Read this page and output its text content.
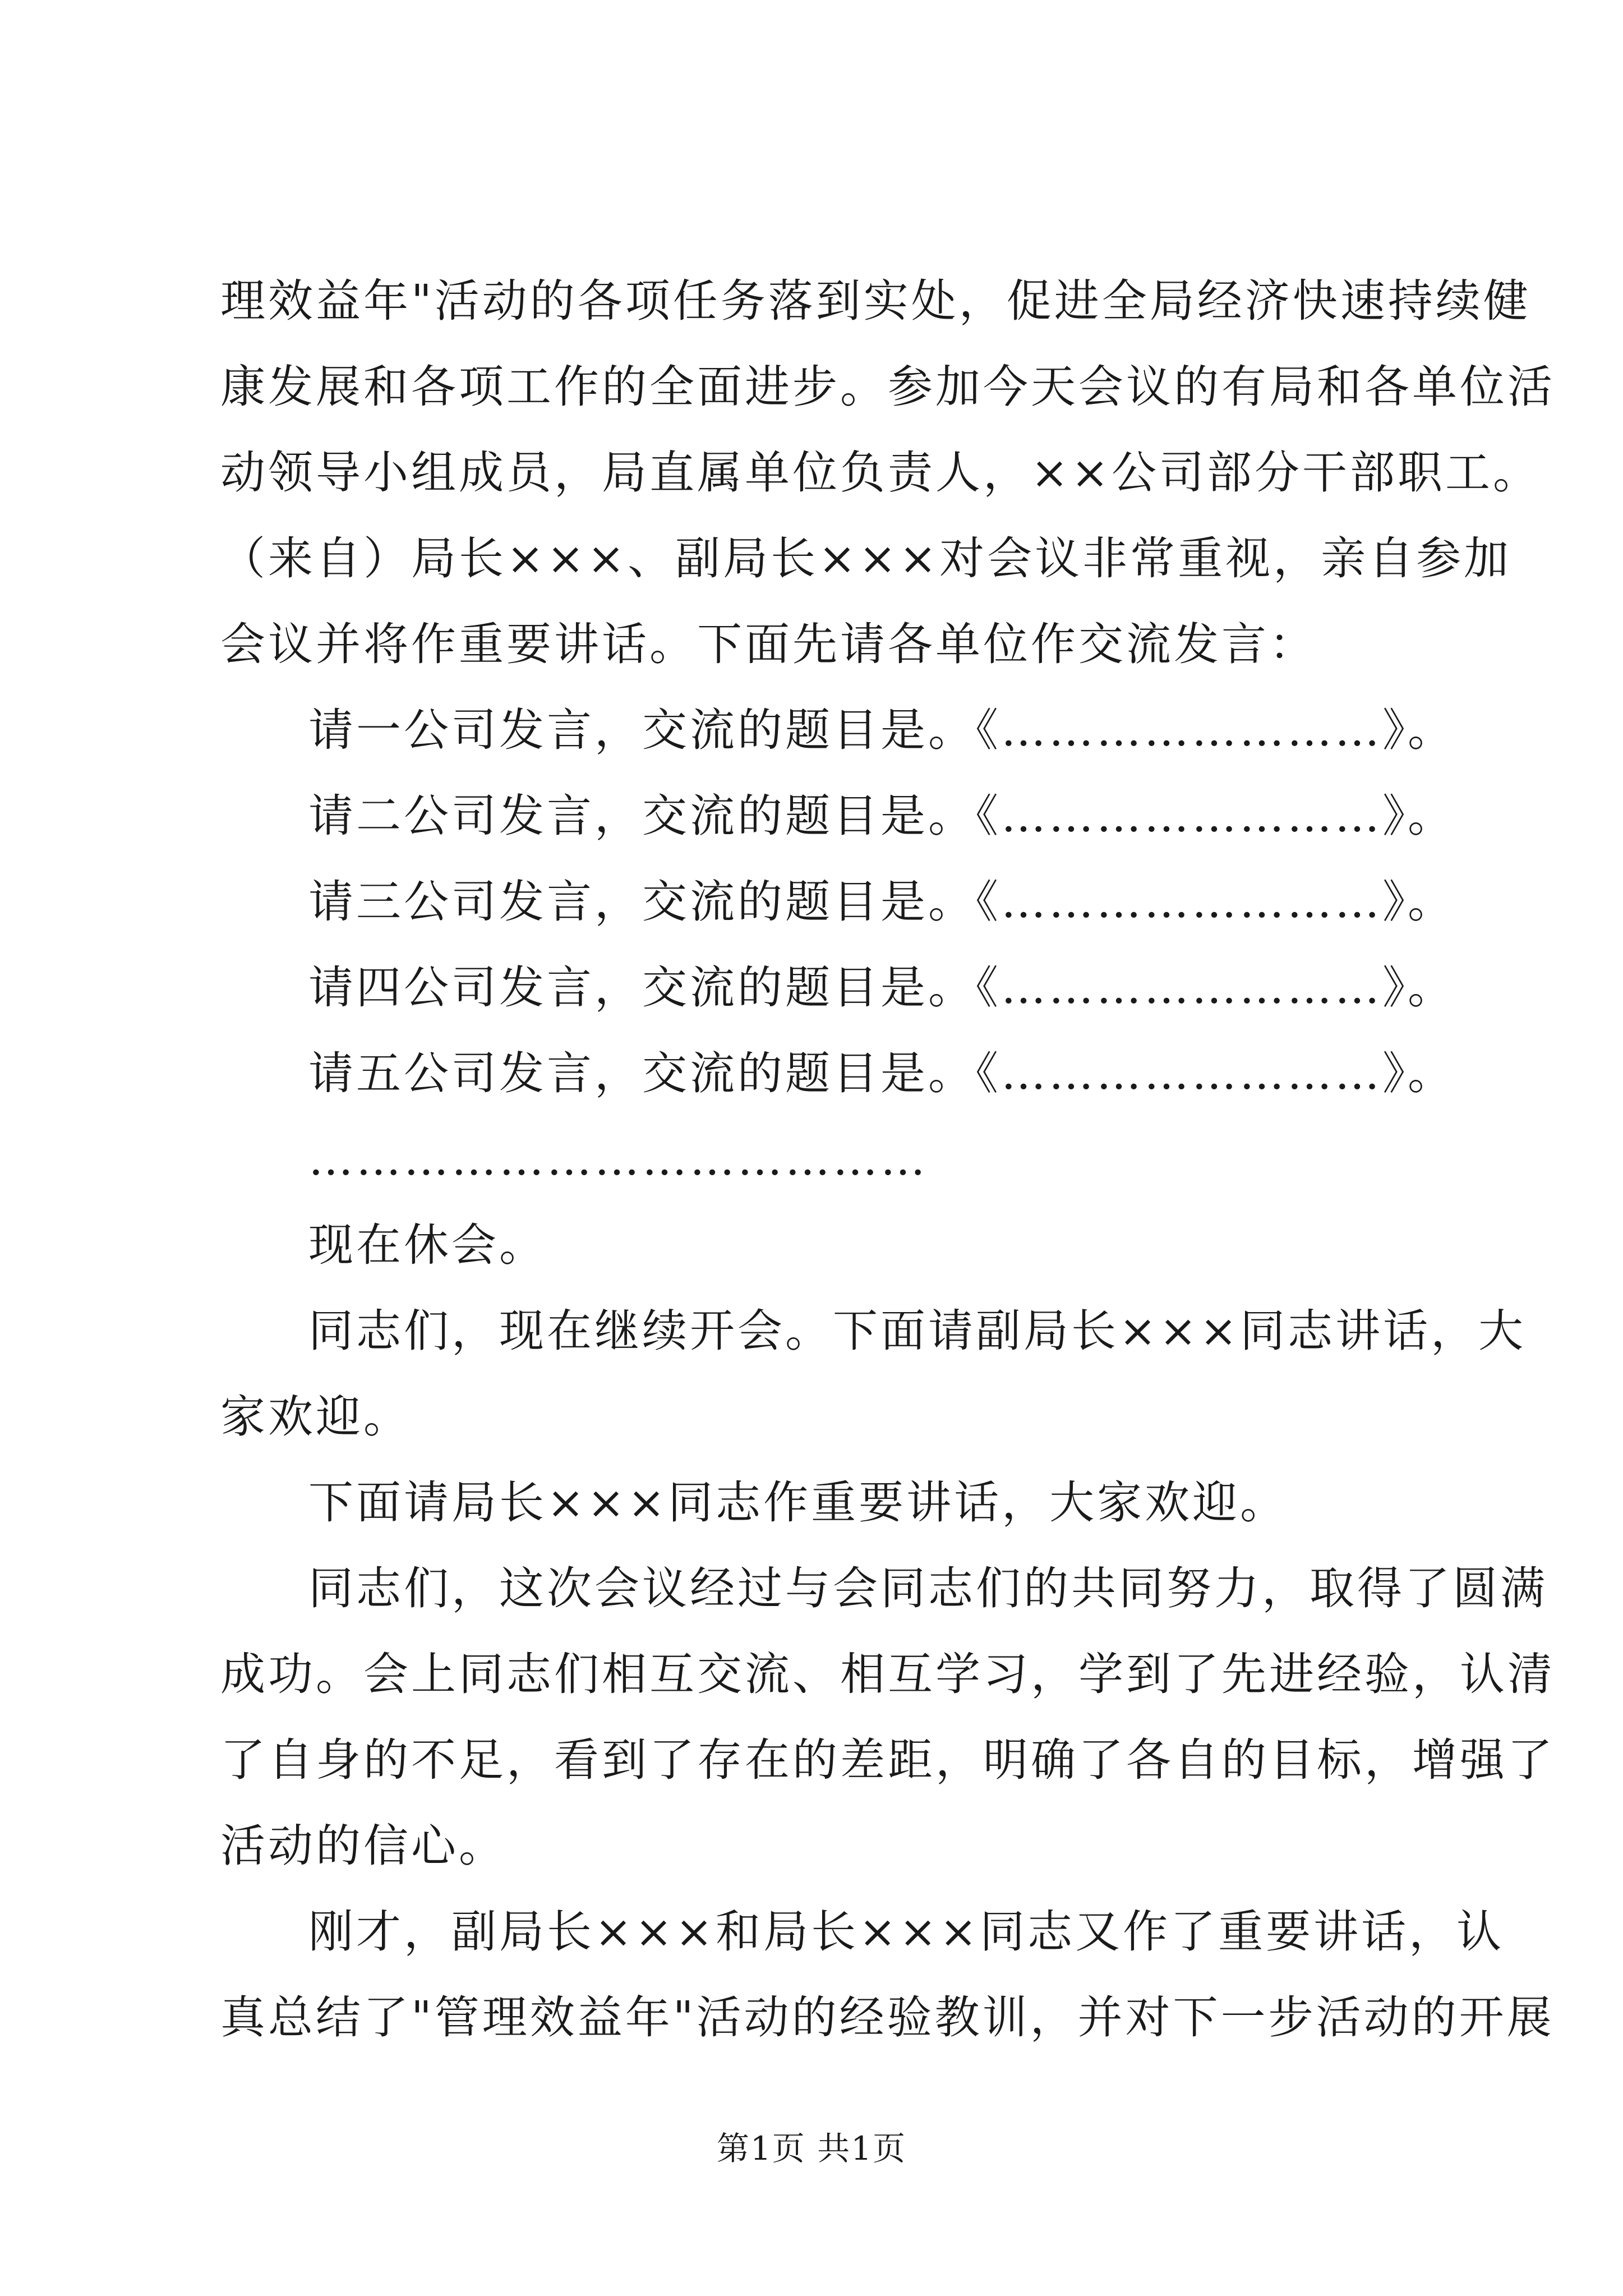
理效益年"活动的各项任务落到实处，促进全局经济快速持续健
康发展和各项工作的全面进步。参加今天会议的有局和各单位活
动领导小组成员，局直属单位负责人，××公司部分干部职工。
（来自）局长×××、副局长×××对会议非常重视，亲自参加
会议并将作重要讲话。下面先请各单位作交流发言：
请一公司发言，交流的题目是。《……………………》。
请二公司发言，交流的题目是。《……………………》。
请三公司发言，交流的题目是。《……………………》。
请四公司发言，交流的题目是。《……………………》。
请五公司发言，交流的题目是。《……………………》。
…………………………………
现在休会。
同志们，现在继续开会。下面请副局长×××同志讲话，大
家欢迎。
下面请局长×××同志作重要讲话，大家欢迎。
同志们，这次会议经过与会同志们的共同努力，取得了圆满
成功。会上同志们相互交流、相互学习，学到了先进经验，认清
了自身的不足，看到了存在的差距，明确了各自的目标，增强了
活动的信心。
刚才，副局长×××和局长×××同志又作了重要讲话，认
真总结了"管理效益年"活动的经验教训，并对下一步活动的开展
第1页 共1页
